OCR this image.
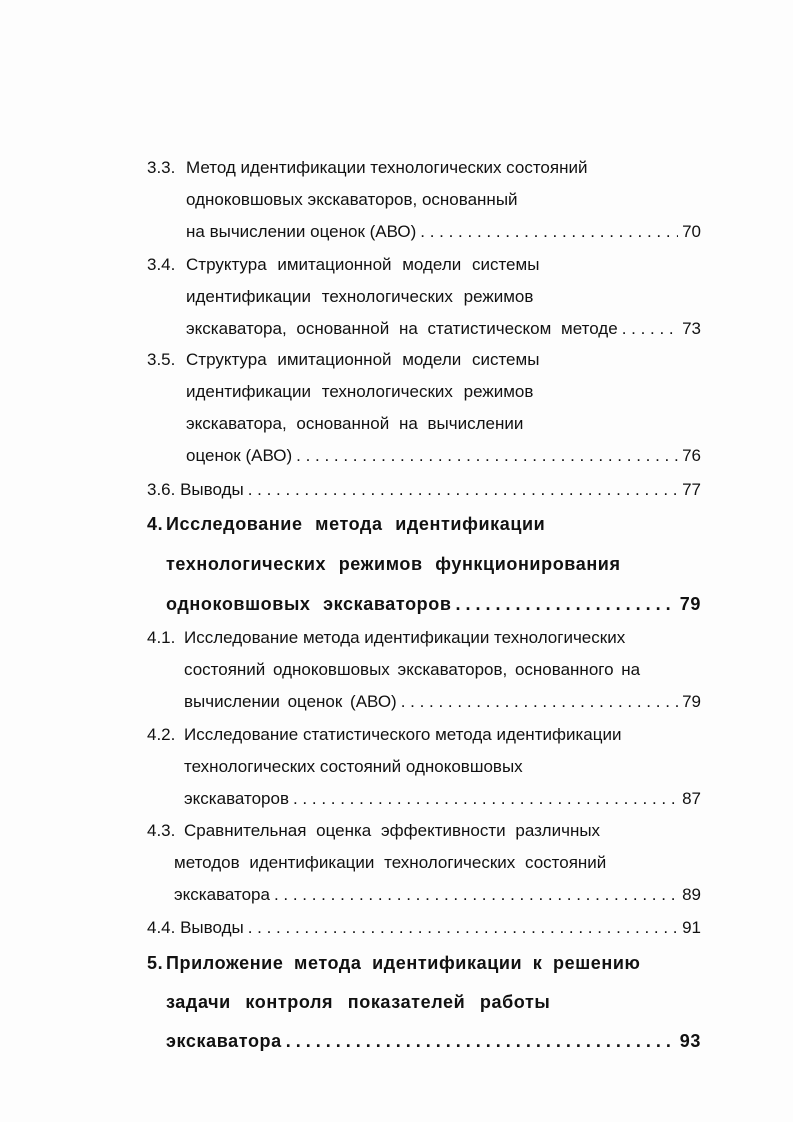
3.3. Метод идентификации технологических состояний
одноковшовых экскаваторов, основанный
на вычислении оценок (АВО) . . .	70
3.4. Структура имитационной модели системы
идентификации технологических режимов
экскаватора, основанной на статистическом методе . . .	73
3.5. Структура имитационной модели системы
идентификации технологических режимов
экскаватора, основанной на вычислении
оценок (АВО) . . .	76
3.6. Выводы . . .	77
4. Исследование метода идентификации
технологических режимов функционирования
одноковшовых экскаваторов . . .	79
4.1. Исследование метода идентификации технологических
состояний одноковшовых экскаваторов, основанного на
вычислении оценок (АВО) . . .	79
4.2. Исследование статистического метода идентификации
технологических состояний одноковшовых
экскаваторов . . .	87
4.3. Сравнительная оценка эффективности различных
методов идентификации технологических состояний
экскаватора . . .	89
4.4. Выводы . . .	91
5. Приложение метода идентификации к решению
задачи контроля показателей работы
экскаватора . . .	93
